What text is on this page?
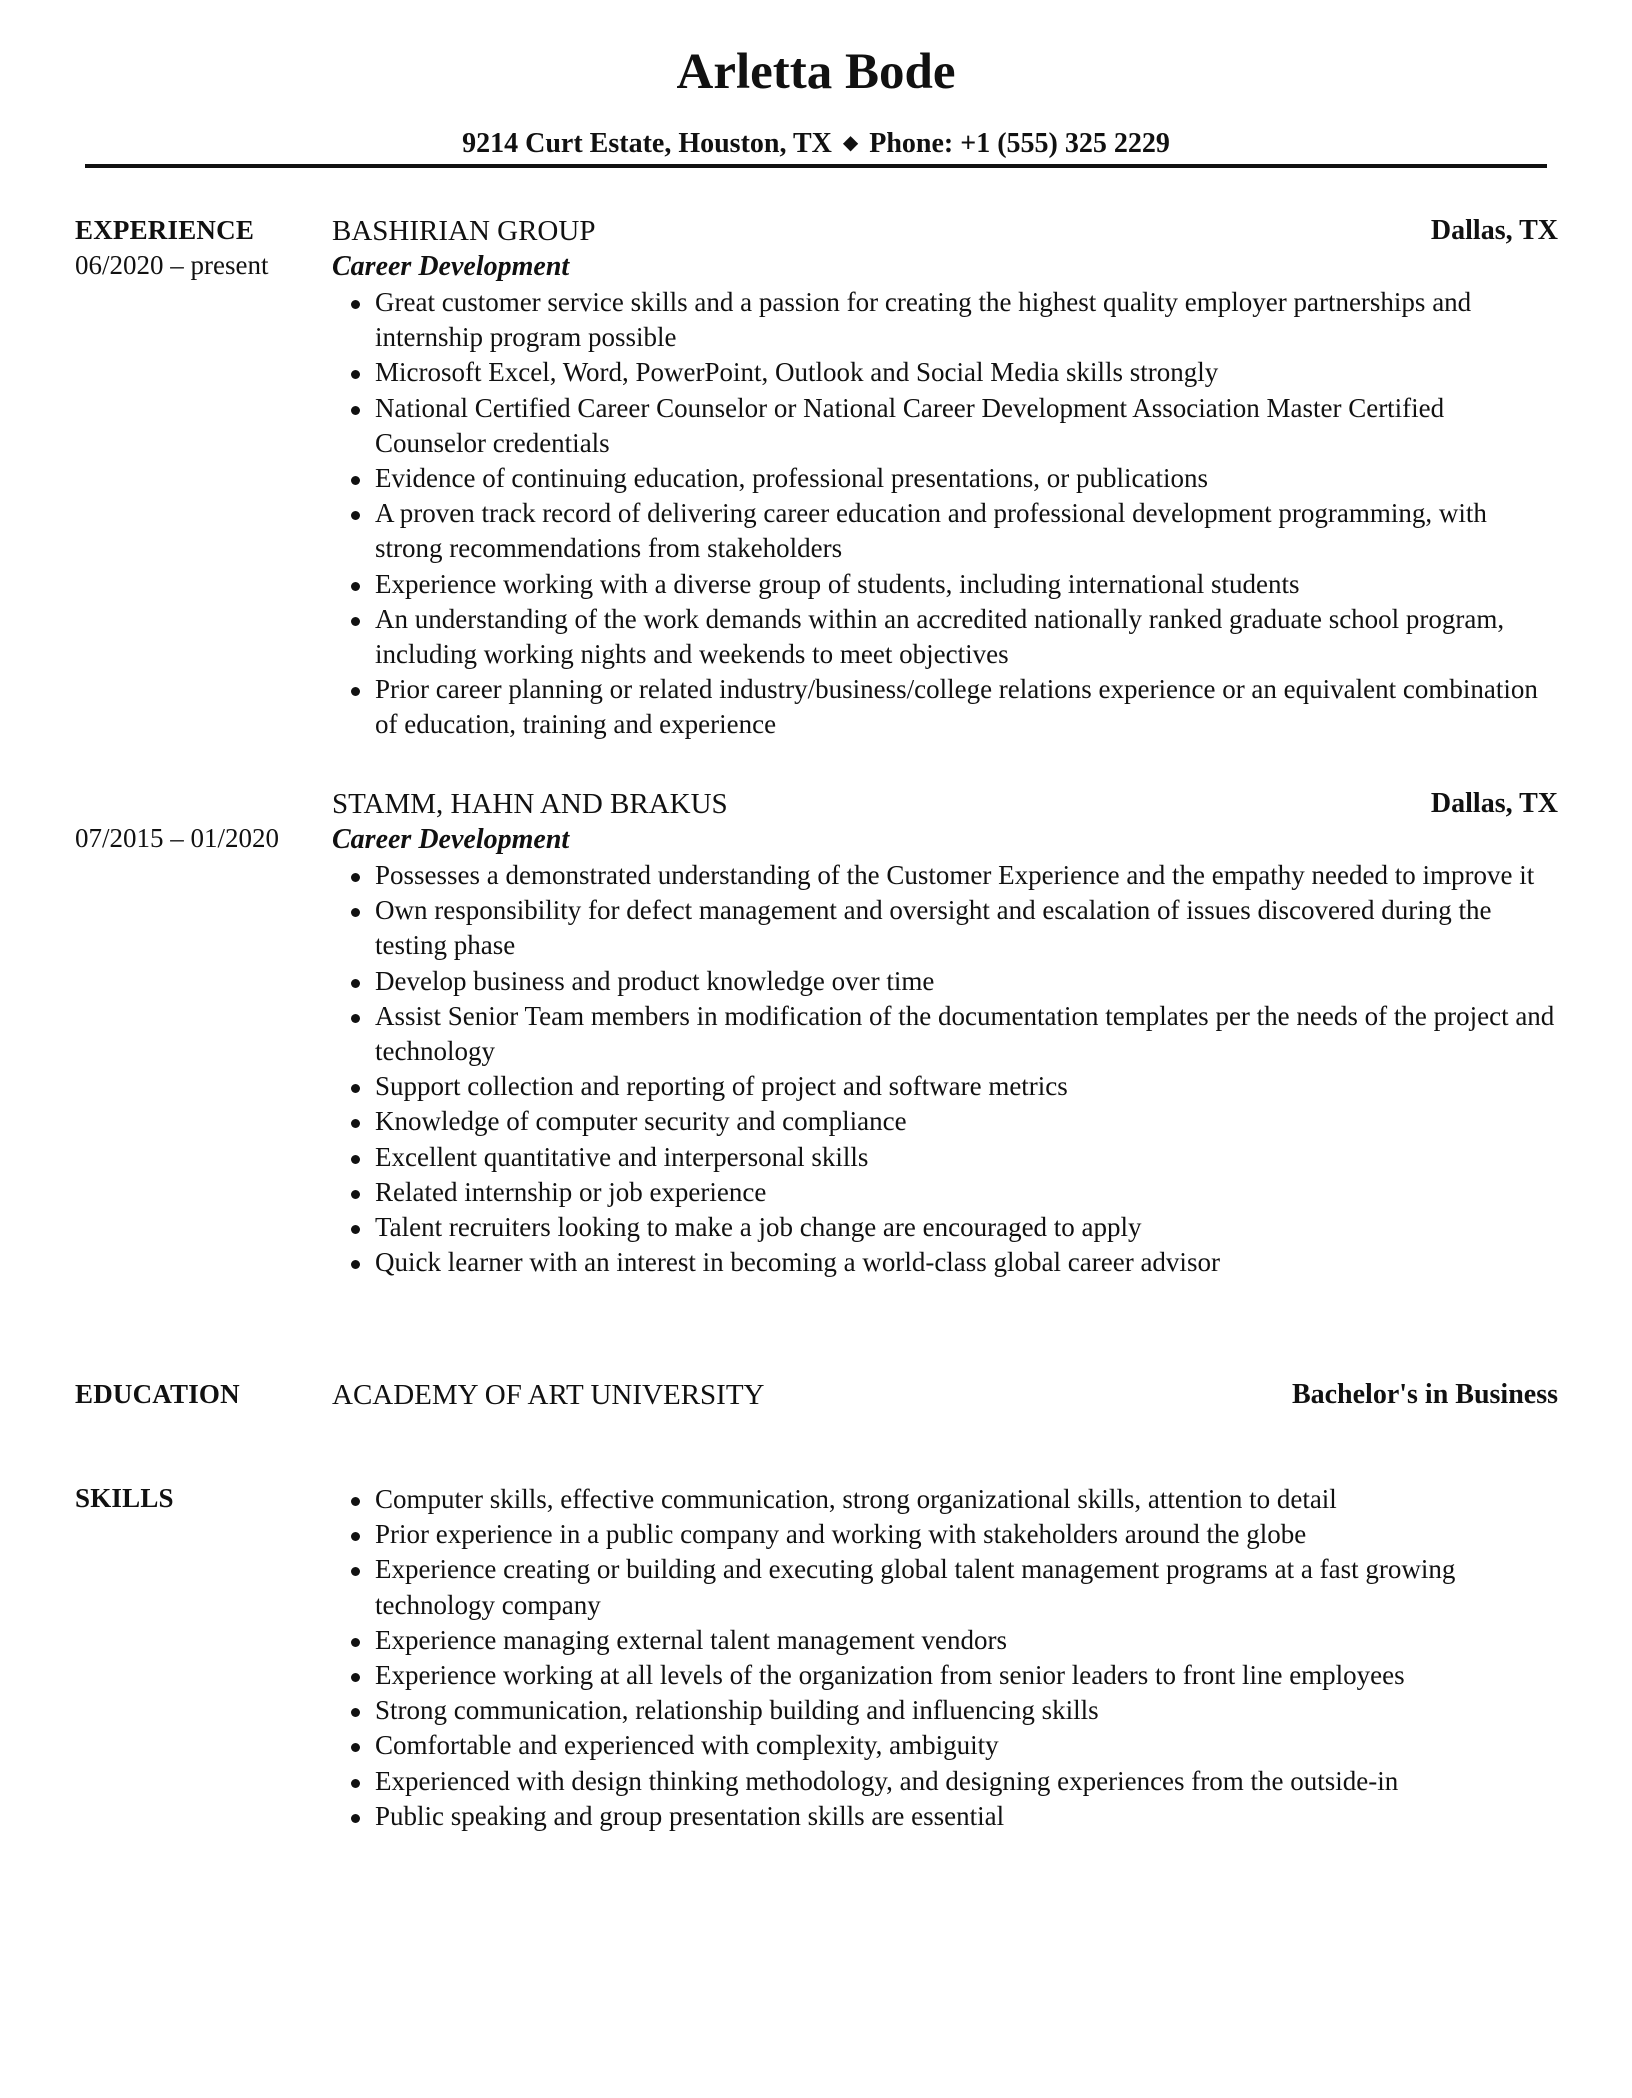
Arletta Bode
9214 Curt Estate, Houston, TX ◆ Phone: +1 (555) 325 2229
EXPERIENCE
06/2020 – present
BASHIRIAN GROUP	Dallas, TX
Career Development
Great customer service skills and a passion for creating the highest quality employer partnerships and internship program possible
Microsoft Excel, Word, PowerPoint, Outlook and Social Media skills strongly
National Certified Career Counselor or National Career Development Association Master Certified Counselor credentials
Evidence of continuing education, professional presentations, or publications
A proven track record of delivering career education and professional development programming, with strong recommendations from stakeholders
Experience working with a diverse group of students, including international students
An understanding of the work demands within an accredited nationally ranked graduate school program, including working nights and weekends to meet objectives
Prior career planning or related industry/business/college relations experience or an equivalent combination of education, training and experience
07/2015 – 01/2020
STAMM, HAHN AND BRAKUS	Dallas, TX
Career Development
Possesses a demonstrated understanding of the Customer Experience and the empathy needed to improve it
Own responsibility for defect management and oversight and escalation of issues discovered during the testing phase
Develop business and product knowledge over time
Assist Senior Team members in modification of the documentation templates per the needs of the project and technology
Support collection and reporting of project and software metrics
Knowledge of computer security and compliance
Excellent quantitative and interpersonal skills
Related internship or job experience
Talent recruiters looking to make a job change are encouraged to apply
Quick learner with an interest in becoming a world-class global career advisor
EDUCATION	ACADEMY OF ART UNIVERSITY	Bachelor's in Business
SKILLS	Computer skills, effective communication, strong organizational skills, attention to detail
Prior experience in a public company and working with stakeholders around the globe
Experience creating or building and executing global talent management programs at a fast growing technology company
Experience managing external talent management vendors
Experience working at all levels of the organization from senior leaders to front line employees
Strong communication, relationship building and influencing skills
Comfortable and experienced with complexity, ambiguity
Experienced with design thinking methodology, and designing experiences from the outside-in
Public speaking and group presentation skills are essential
